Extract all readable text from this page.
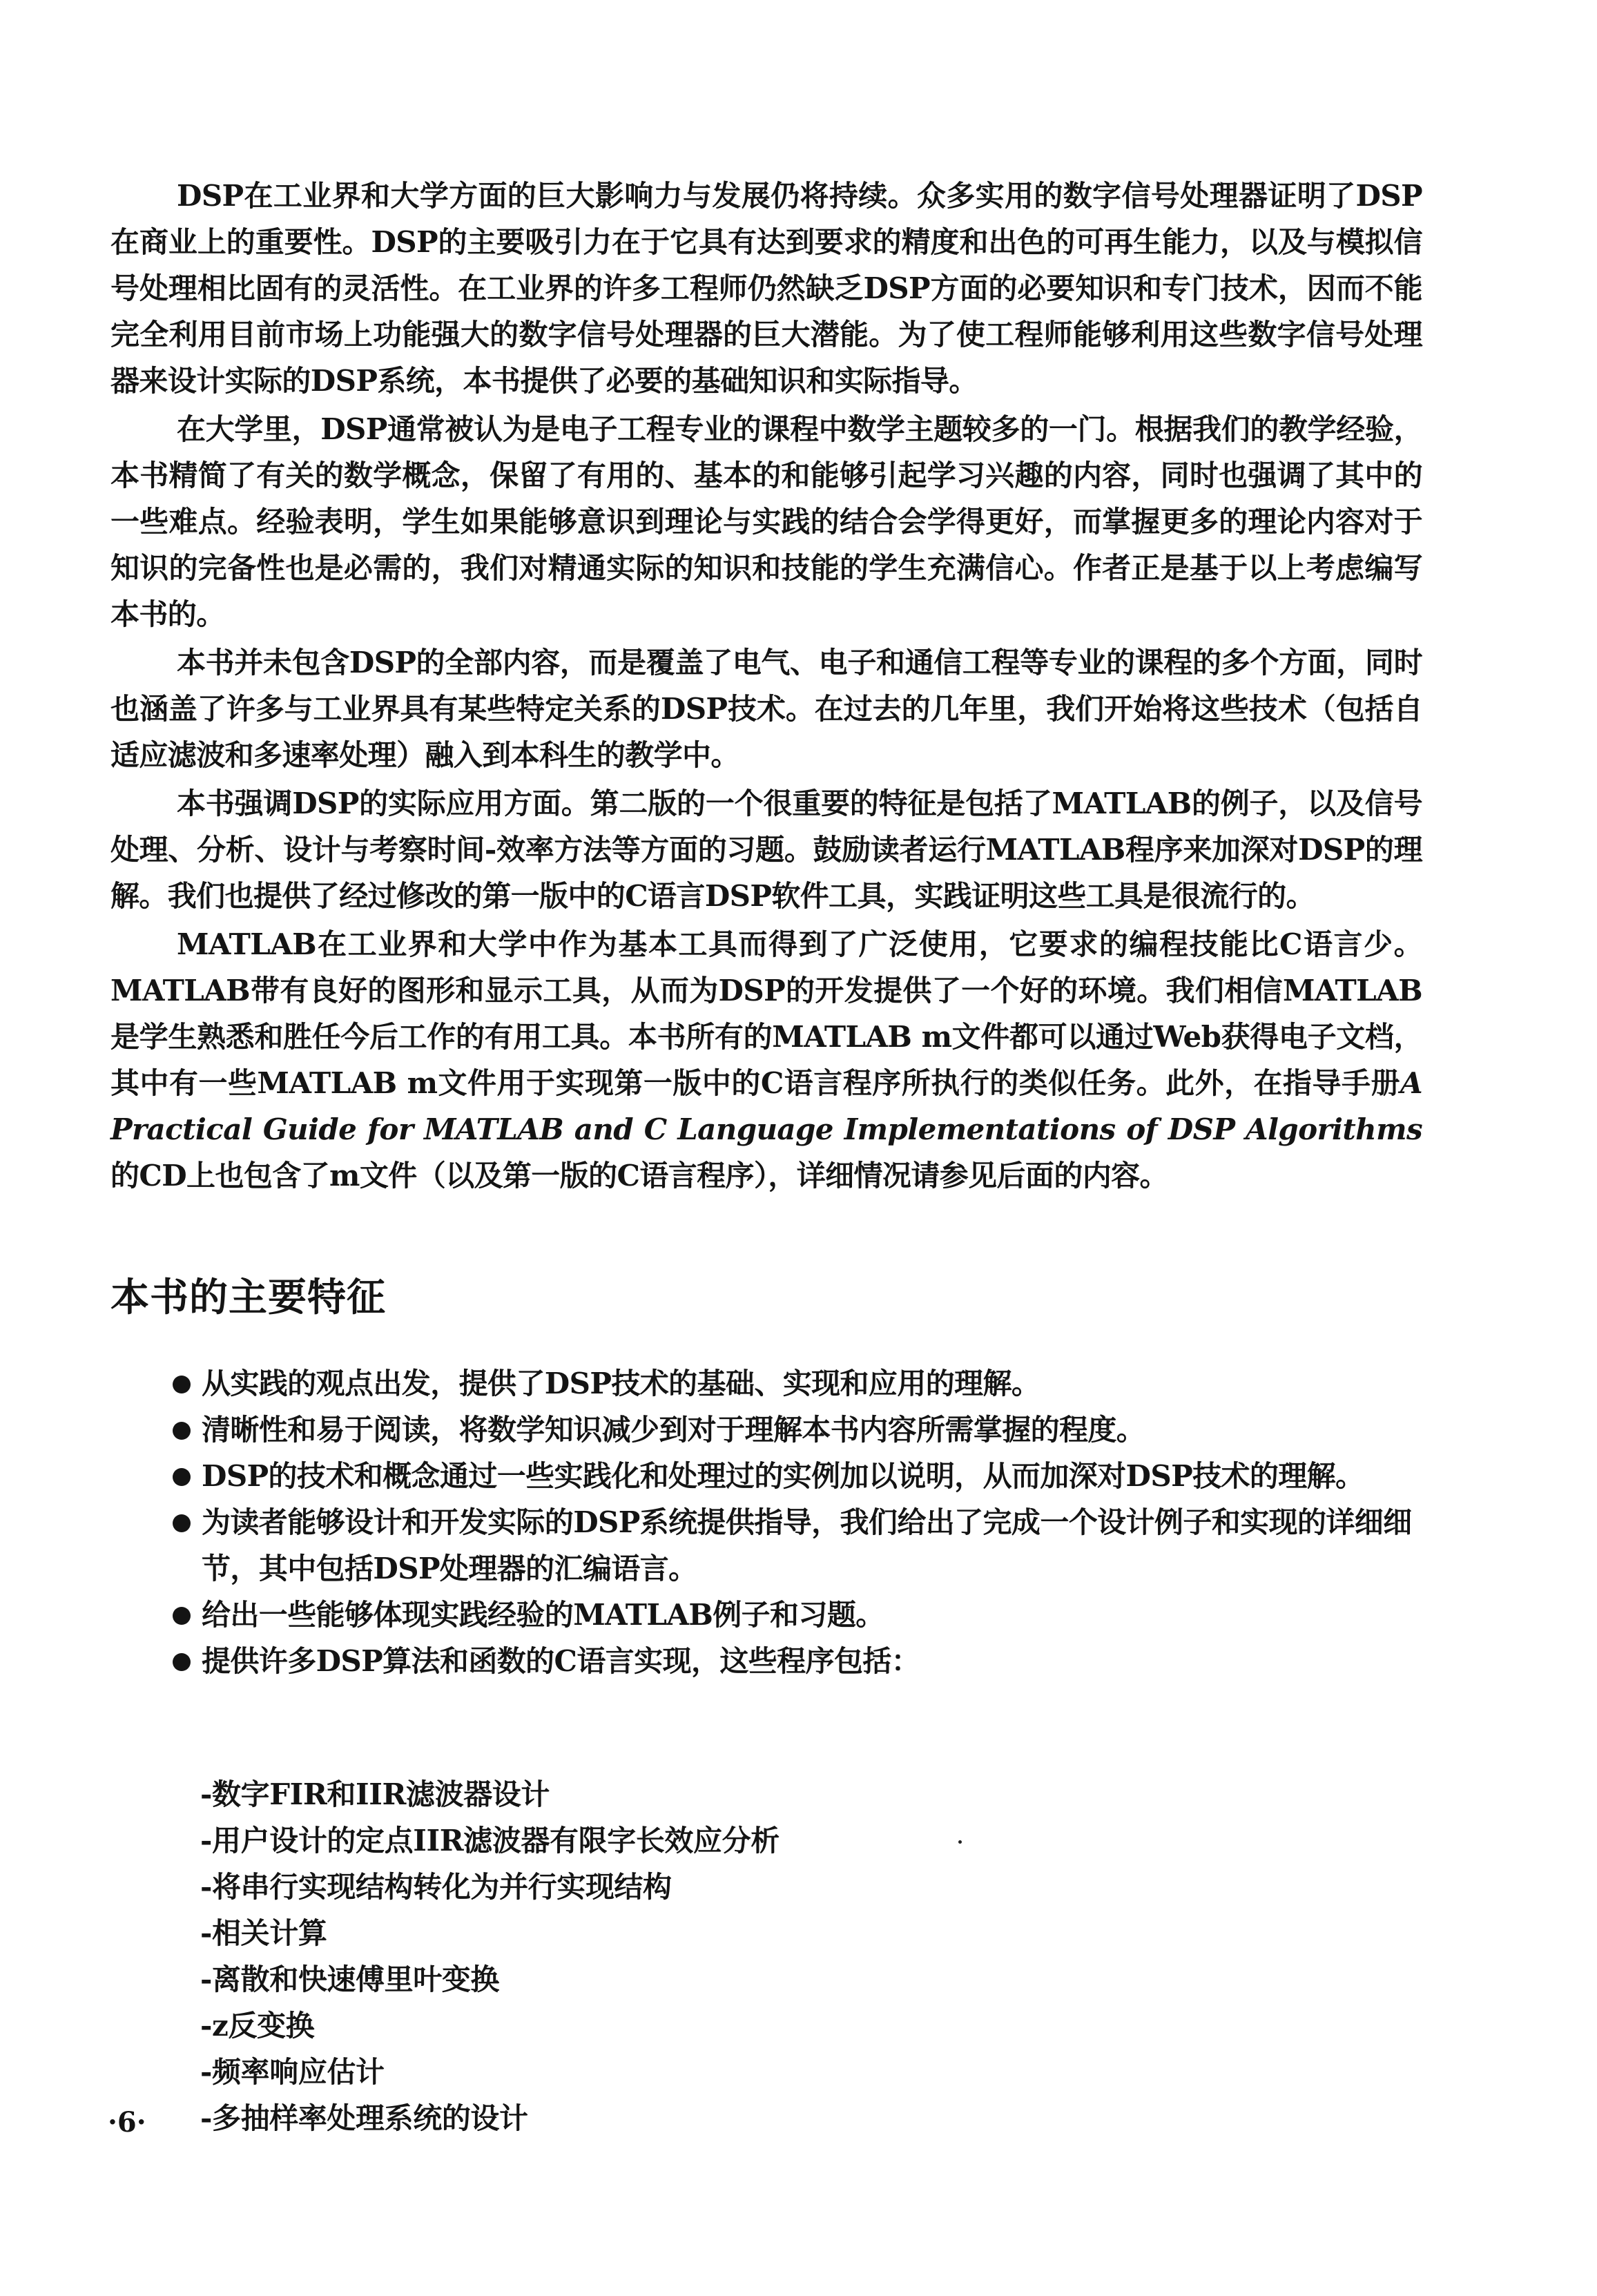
DSP在工业界和大学方面的巨大影响力与发展仍将持续。众多实用的数字信号处理器证明了DSP在商业上的重要性。DSP的主要吸引力在于它具有达到要求的精度和出色的可再生能力，以及与模拟信号处理相比固有的灵活性。在工业界的许多工程师仍然缺乏DSP方面的必要知识和专门技术，因而不能完全利用目前市场上功能强大的数字信号处理器的巨大潜能。为了使工程师能够利用这些数字信号处理器来设计实际的DSP系统，本书提供了必要的基础知识和实际指导。

在大学里，DSP通常被认为是电子工程专业的课程中数学主题较多的一门。根据我们的教学经验，本书精简了有关的数学概念，保留了有用的、基本的和能够引起学习兴趣的内容，同时也强调了其中的一些难点。经验表明，学生如果能够意识到理论与实践的结合会学得更好，而掌握更多的理论内容对于知识的完备性也是必需的，我们对精通实际的知识和技能的学生充满信心。作者正是基于以上考虑编写本书的。

本书并未包含DSP的全部内容，而是覆盖了电气、电子和通信工程等专业的课程的多个方面，同时也涵盖了许多与工业界具有某些特定关系的DSP技术。在过去的几年里，我们开始将这些技术（包括自适应滤波和多速率处理）融入到本科生的教学中。

本书强调DSP的实际应用方面。第二版的一个很重要的特征是包括了MATLAB的例子，以及信号处理、分析、设计与考察时间-效率方法等方面的习题。鼓励读者运行MATLAB程序来加深对DSP的理解。我们也提供了经过修改的第一版中的C语言DSP软件工具，实践证明这些工具是很流行的。

MATLAB在工业界和大学中作为基本工具而得到了广泛使用，它要求的编程技能比C语言少。MATLAB带有良好的图形和显示工具，从而为DSP的开发提供了一个好的环境。我们相信MATLAB是学生熟悉和胜任今后工作的有用工具。本书所有的MATLAB m文件都可以通过Web获得电子文档，其中有一些MATLAB m文件用于实现第一版中的C语言程序所执行的类似任务。此外，在指导手册A Practical Guide for MATLAB and C Language Implementations of DSP Algorithms的CD上也包含了m文件（以及第一版的C语言程序），详细情况请参见后面的内容。

本书的主要特征
从实践的观点出发，提供了DSP技术的基础、实现和应用的理解。
清晰性和易于阅读，将数学知识减少到对于理解本书内容所需掌握的程度。
DSP的技术和概念通过一些实践化和处理过的实例加以说明，从而加深对DSP技术的理解。
为读者能够设计和开发实际的DSP系统提供指导，我们给出了完成一个设计例子和实现的详细细节，其中包括DSP处理器的汇编语言。
给出一些能够体现实践经验的MATLAB例子和习题。
提供许多DSP算法和函数的C语言实现，这些程序包括：
-数字FIR和IIR滤波器设计
-用户设计的定点IIR滤波器有限字长效应分析
-将串行实现结构转化为并行实现结构
-相关计算
-离散和快速傅里叶变换
-z反变换
-频率响应估计
-多抽样率处理系统的设计
·6·
